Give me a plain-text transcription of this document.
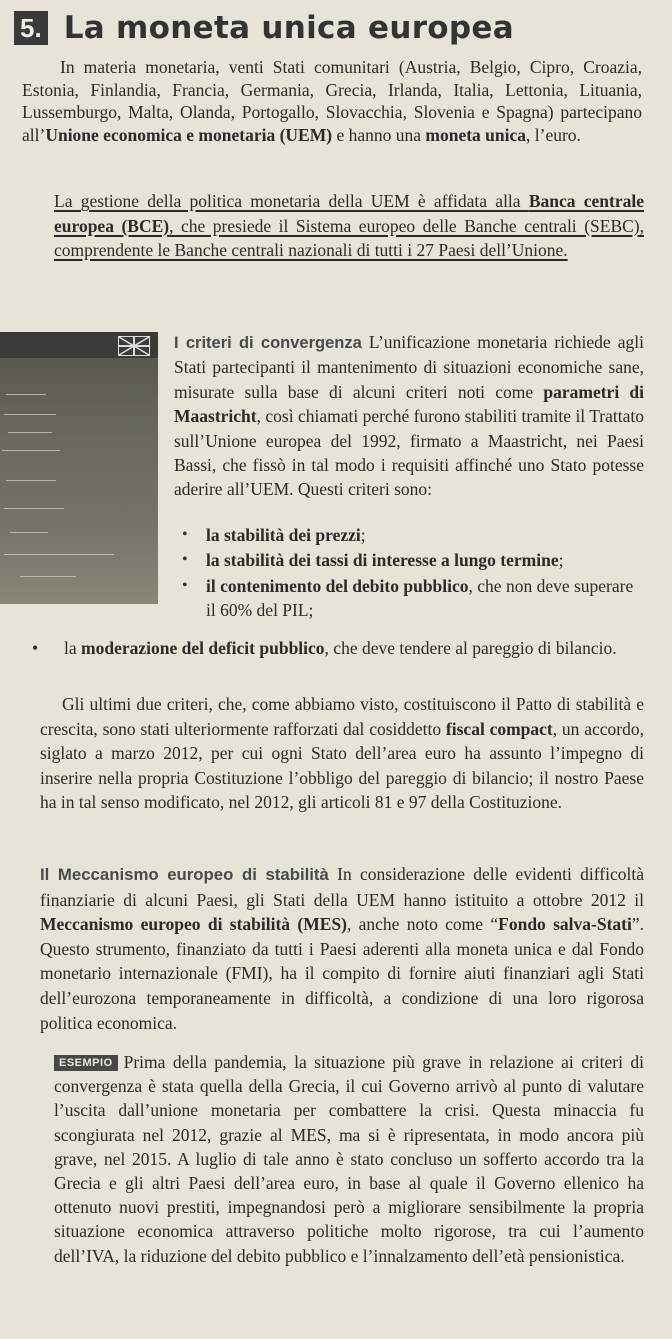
5. La moneta unica europea

In materia monetaria, venti Stati comunitari (Austria, Belgio, Cipro, Croazia, Estonia, Finlandia, Francia, Germania, Grecia, Irlanda, Italia, Lettonia, Lituania, Lussemburgo, Malta, Olanda, Portogallo, Slovacchia, Slovenia e Spagna) partecipano all’Unione economica e monetaria (UEM) e hanno una moneta unica, l’euro.

La gestione della politica monetaria della UEM è affidata alla Banca centrale europea (BCE), che presiede il Sistema europeo delle Banche centrali (SEBC), comprendente le Banche centrali nazionali di tutti i 27 Paesi dell’Unione.

I criteri di convergenza L’unificazione monetaria richiede agli Stati partecipanti il mantenimento di situazioni economiche sane, misurate sulla base di alcuni criteri noti come parametri di Maastricht, così chiamati perché furono stabiliti tramite il Trattato sull’Unione europea del 1992, firmato a Maastricht, nei Paesi Bassi, che fissò in tal modo i requisiti affinché uno Stato potesse aderire all’UEM. Questi criteri sono:

• la stabilità dei prezzi;
• la stabilità dei tassi di interesse a lungo termine;
• il contenimento del debito pubblico, che non deve superare il 60% del PIL;

• la moderazione del deficit pubblico, che deve tendere al pareggio di bilancio.

Gli ultimi due criteri, che, come abbiamo visto, costituiscono il Patto di stabilità e crescita, sono stati ulteriormente rafforzati dal cosiddetto fiscal compact, un accordo, siglato a marzo 2012, per cui ogni Stato dell’area euro ha assunto l’impegno di inserire nella propria Costituzione l’obbligo del pareggio di bilancio; il nostro Paese ha in tal senso modificato, nel 2012, gli articoli 81 e 97 della Costituzione.

Il Meccanismo europeo di stabilità In considerazione delle evidenti difficoltà finanziarie di alcuni Paesi, gli Stati della UEM hanno istituito a ottobre 2012 il Meccanismo europeo di stabilità (MES), anche noto come “Fondo salva-Stati”. Questo strumento, finanziato da tutti i Paesi aderenti alla moneta unica e dal Fondo monetario internazionale (FMI), ha il compito di fornire aiuti finanziari agli Stati dell’eurozona temporaneamente in difficoltà, a condizione di una loro rigorosa politica economica.

ESEMPIO Prima della pandemia, la situazione più grave in relazione ai criteri di convergenza è stata quella della Grecia, il cui Governo arrivò al punto di valutare l’uscita dall’unione monetaria per combattere la crisi. Questa minaccia fu scongiurata nel 2012, grazie al MES, ma si è ripresentata, in modo ancora più grave, nel 2015. A luglio di tale anno è stato concluso un sofferto accordo tra la Grecia e gli altri Paesi dell’area euro, in base al quale il Governo ellenico ha ottenuto nuovi prestiti, impegnandosi però a migliorare sensibilmente la propria situazione economica attraverso politiche molto rigorose, tra cui l’aumento dell’IVA, la riduzione del debito pubblico e l’innalzamento dell’età pensionistica.
